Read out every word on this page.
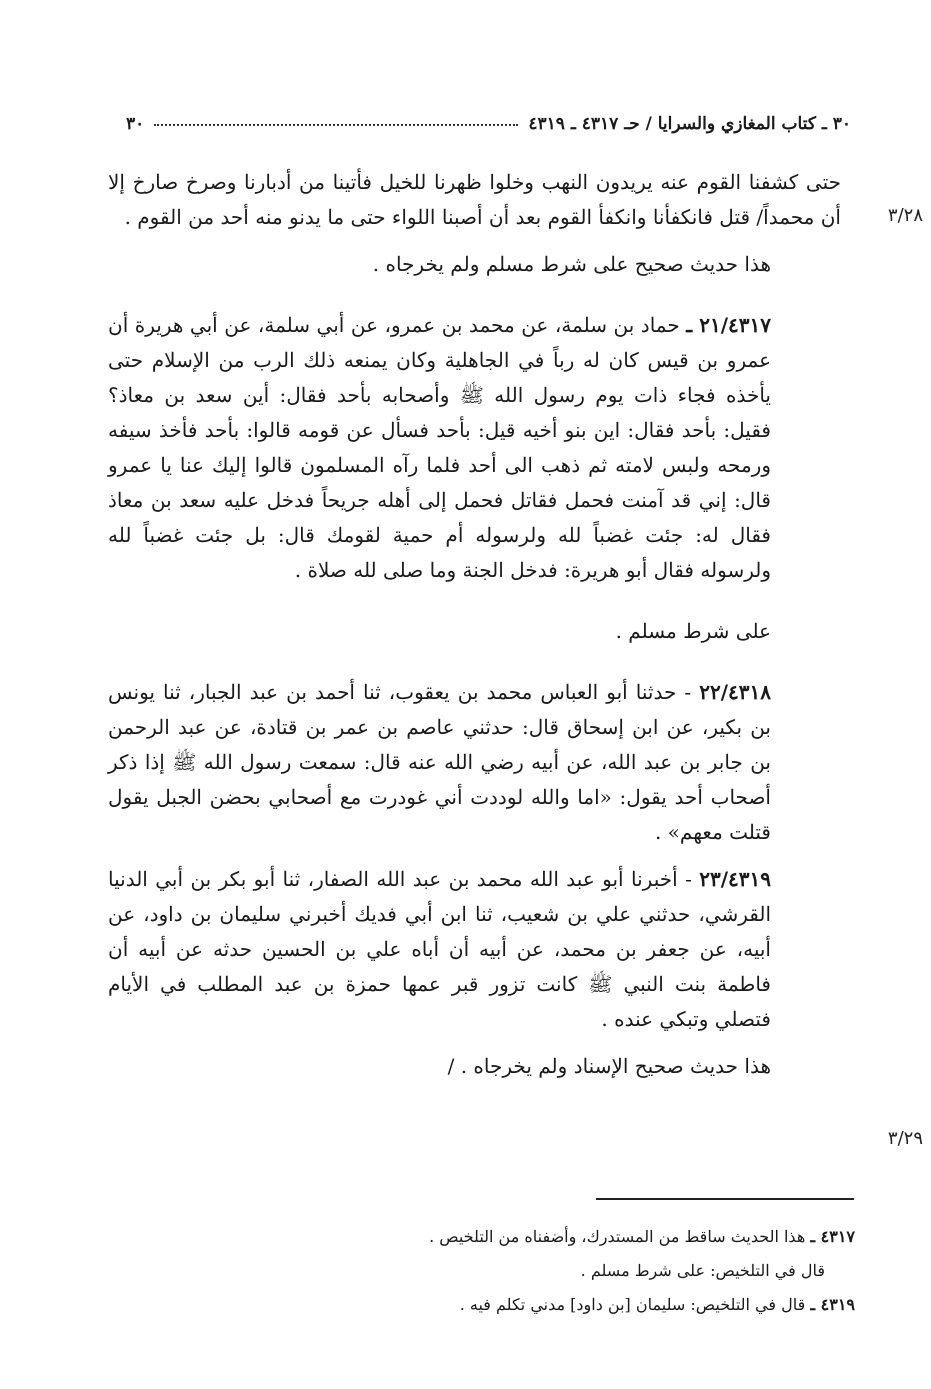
٣٠	٣٠ ـ كتاب المغازي والسرايا / حـ ٤٣١٧ ـ ٤٣١٩
٣/٢٨
٣/٢٩

حتى كشفنا القوم عنه يريدون النهب وخلوا ظهرنا للخيل فأتينا من أدبارنا وصرخ صارخ إلا أن محمداً/ قتل فانكفأنا وانكفأ القوم بعد أن أصبنا اللواء حتى ما يدنو منه أحد من القوم .

هذا حديث صحيح على شرط مسلم ولم يخرجاه .

٢١/٤٣١٧ ـ حماد بن سلمة، عن محمد بن عمرو، عن أبي سلمة، عن أبي هريرة أن عمرو بن قيس كان له رباً في الجاهلية وكان يمنعه ذلك الرب من الإسلام حتى يأخذه فجاء ذات يوم رسول الله ﷺ وأصحابه بأحد فقال: أين سعد بن معاذ؟ فقيل: بأحد فقال: اين بنو أخيه قيل: بأحد فسأل عن قومه قالوا: بأحد فأخذ سيفه ورمحه ولبس لامته ثم ذهب الى أحد فلما رآه المسلمون قالوا إليك عنا يا عمرو قال: إني قد آمنت فحمل فقاتل فحمل إلى أهله جريحاً فدخل عليه سعد بن معاذ فقال له: جئت غضباً لله ولرسوله أم حمية لقومك قال: بل جئت غضباً لله ولرسوله فقال أبو هريرة: فدخل الجنة وما صلى لله صلاة .

على شرط مسلم .

٢٢/٤٣١٨ - حدثنا أبو العباس محمد بن يعقوب، ثنا أحمد بن عبد الجبار، ثنا يونس بن بكير، عن ابن إسحاق قال: حدثني عاصم بن عمر بن قتادة، عن عبد الرحمن بن جابر بن عبد الله، عن أبيه رضي الله عنه قال: سمعت رسول الله ﷺ إذا ذكر أصحاب أحد يقول: «اما والله لوددت أني غودرت مع أصحابي بحضن الجبل يقول قتلت معهم» .

٢٣/٤٣١٩ - أخبرنا أبو عبد الله محمد بن عبد الله الصفار، ثنا أبو بكر بن أبي الدنيا القرشي، حدثني علي بن شعيب، ثنا ابن أبي فديك أخبرني سليمان بن داود، عن أبيه، عن جعفر بن محمد، عن أبيه أن أباه علي بن الحسين حدثه عن أبيه أن فاطمة بنت النبي ﷺ كانت تزور قبر عمها حمزة بن عبد المطلب في الأيام فتصلي وتبكي عنده .

هذا حديث صحيح الإسناد ولم يخرجاه . /

٤٣١٧ ـ هذا الحديث ساقط من المستدرك، وأضفناه من التلخيص .

قال في التلخيص: على شرط مسلم .

٤٣١٩ ـ قال في التلخيص: سليمان [بن داود] مدني تكلم فيه .
